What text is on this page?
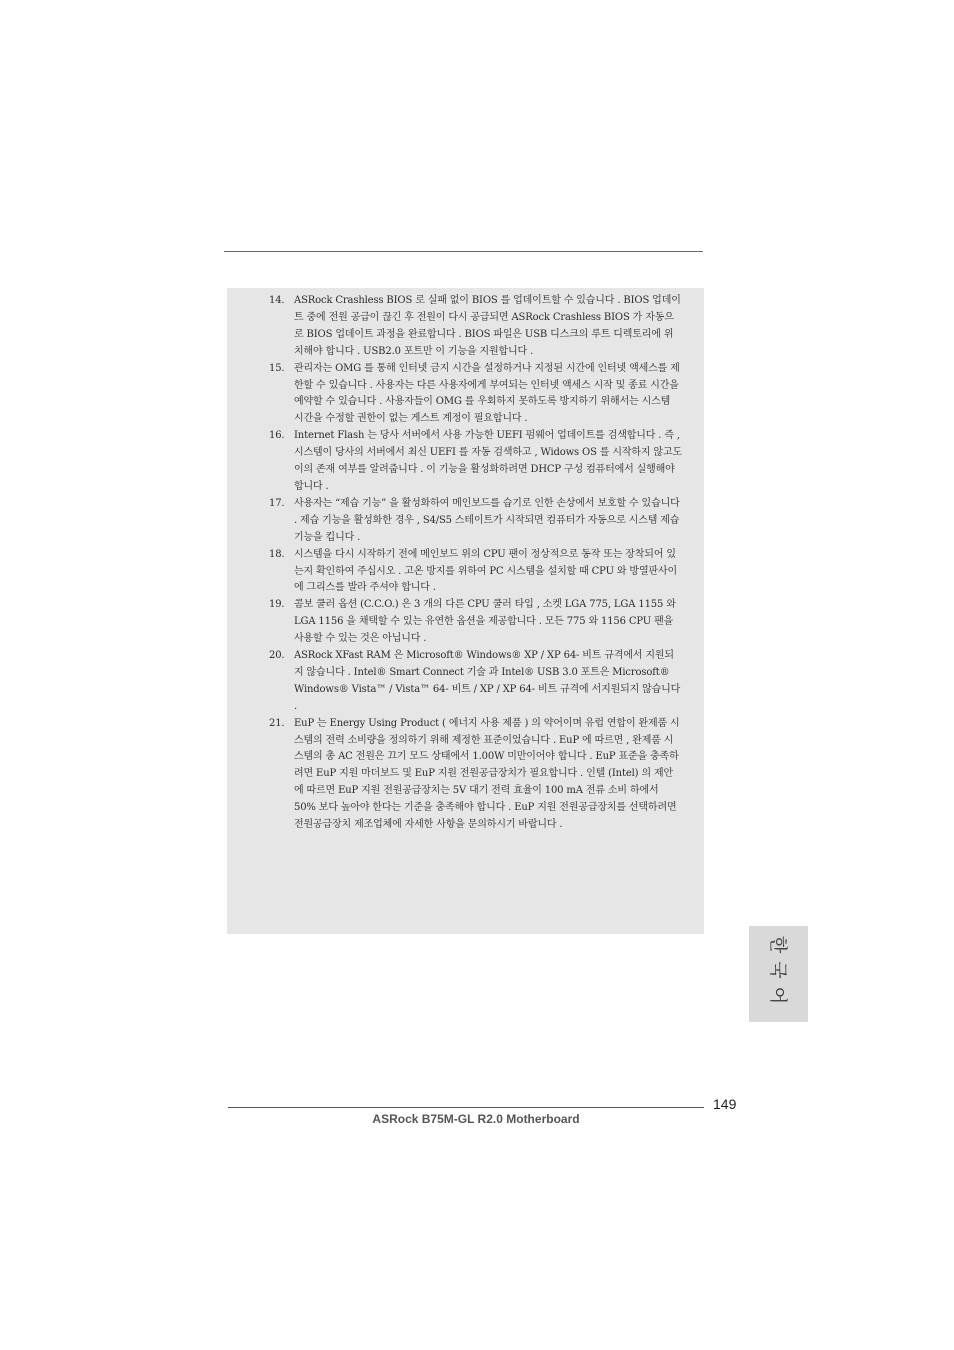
14. ASRock Crashless BIOS 로 실패 없이 BIOS 를 업데이트할 수 있습니다 . BIOS 업데이트 중에 전원 공급이 끊긴 후 전원이 다시 공급되면 ASRock Crashless BIOS 가 자동으로 BIOS 업데이트 과정을 완료합니다 . BIOS 파일은 USB 디스크의 루트 디렉토리에 위치해야 합니다 . USB2.0 포트만 이 기능을 지원합니다 .
15. 관리자는 OMG 를 통해 인터넷 금지 시간을 설정하거나 지정된 시간에 인터넷 액세스를 제한할 수 있습니다 . 사용자는 다른 사용자에게 부여되는 인터넷 액세스 시작 및 종료 시간을 예약할 수 있습니다 . 사용자들이 OMG 를 우회하지 못하도록 방지하기 위해서는 시스템 시간을 수정할 권한이 없는 게스트 계정이 필요합니다 .
16. Internet Flash 는 당사 서버에서 사용 가능한 UEFI 펌웨어 업데이트를 검색합니다 . 즉 , 시스템이 당사의 서버에서 최신 UEFI 를 자동 검색하고 , Widows OS 를 시작하지 않고도 이의 존재 여부를 알려줍니다 . 이 기능을 활성화하려면 DHCP 구성 컴퓨터에서 실행해야 합니다 .
17. 사용자는 “제습 기능” 을 활성화하여 메인보드를 습기로 인한 손상에서 보호할 수 있습니다 . 제습 기능을 활성화한 경우 , S4/S5 스테이트가 시작되면 컴퓨터가 자동으로 시스템 제습 기능을 킵니다 .
18. 시스템을 다시 시작하기 전에 메인보드 위의 CPU 팬이 정상적으로 동작 또는 장착되어 있는지 확인하여 주십시오 . 고온 방지를 위하여 PC 시스템을 설치할 때 CPU 와 방열판사이에 그리스를 발라 주셔야 합니다 .
19. 콤보 쿨러 옵션 (C.C.O.) 은 3 개의 다른 CPU 쿨러 타입 , 소켓 LGA 775, LGA 1155 와 LGA 1156 을 채택할 수 있는 유연한 옵션을 제공합니다 . 모든 775 와 1156 CPU 팬을 사용할 수 있는 것은 아닙니다 .
20. ASRock XFast RAM 은 Microsoft® Windows® XP / XP 64- 비트 규격에서 지원되지 않습니다 . Intel® Smart Connect 기술 과 Intel® USB 3.0 포트은 Microsoft® Windows® Vista™ / Vista™ 64- 비트 / XP / XP 64- 비트 규격에 서지원되지 않습니다 .
21. EuP 는 Energy Using Product ( 에너지 사용 제품 ) 의 약어이며 유럽 연합이 완제품 시스템의 전력 소비량을 정의하기 위해 제정한 표준이었습니다 . EuP 에 따르면 , 완제품 시스템의 총 AC 전원은 끄기 모드 상태에서 1.00W 미만이어야 합니다 . EuP 표준을 충족하려면 EuP 지원 마더보드 및 EuP 지원 전원공급장치가 필요합니다 . 인텔 (Intel) 의 제안에 따르면 EuP 지원 전원공급장치는 5V 대기 전력 효율이 100 mA 전류 소비 하에서 50% 보다 높아야 한다는 기준을 충족해야 합니다 . EuP 지원 전원공급장치를 선택하려면 전원공급장치 제조업체에 자세한 사항을 문의하시기 바랍니다 .
한국어
149
ASRock B75M-GL R2.0 Motherboard
